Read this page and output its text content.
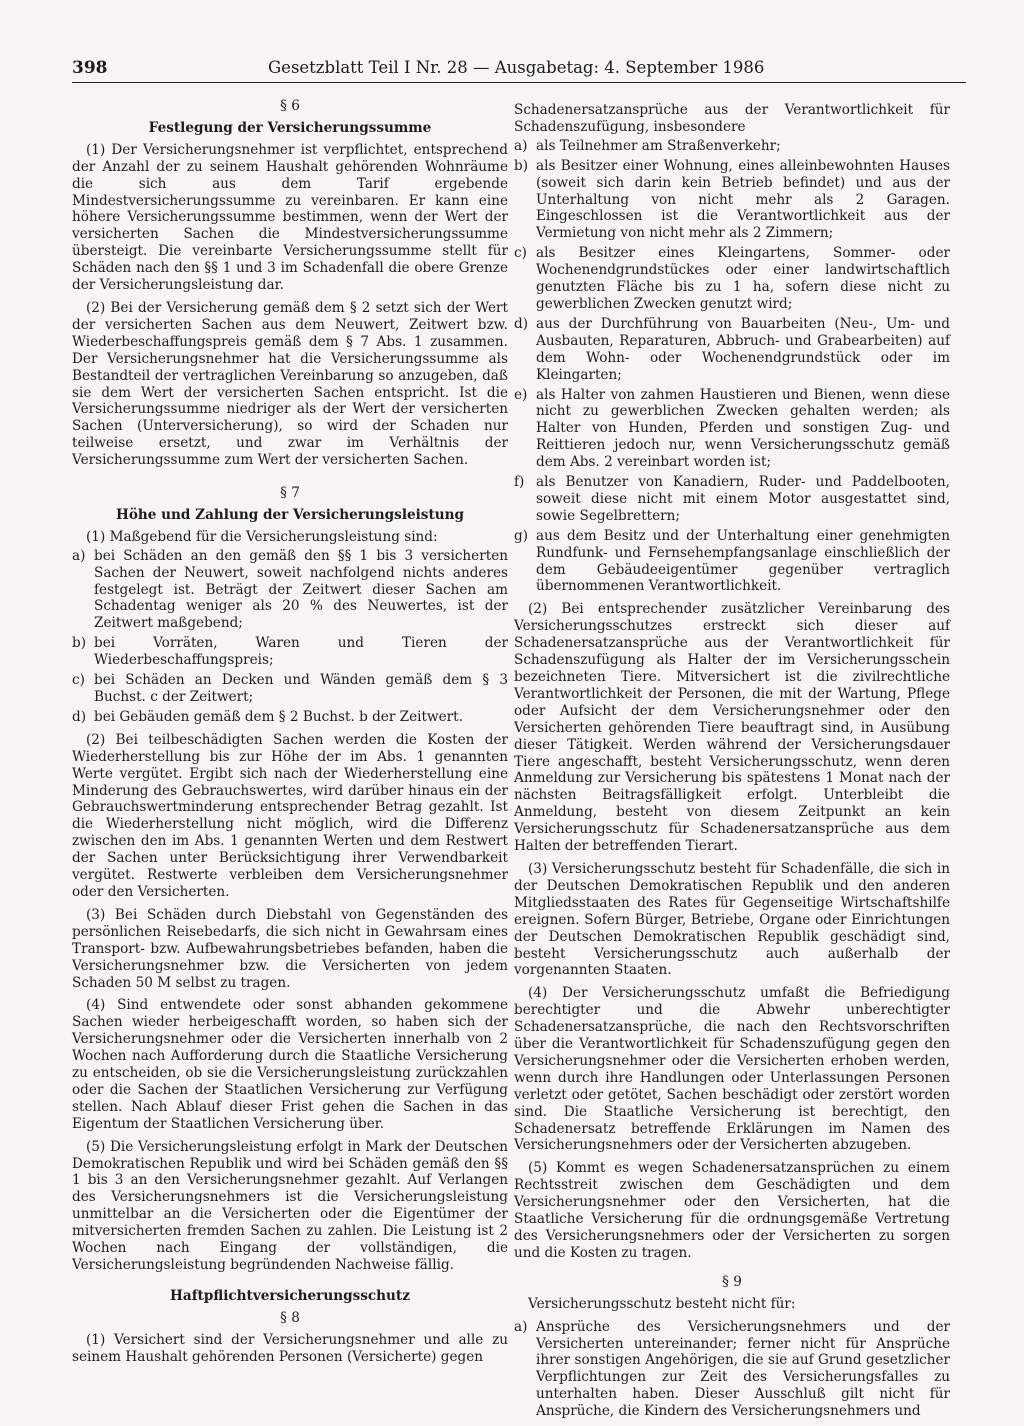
398	Gesetzblatt Teil I Nr. 28 — Ausgabetag: 4. September 1986
§ 6
Festlegung der Versicherungssumme

(1) Der Versicherungsnehmer ist verpflichtet, entsprechend der Anzahl der zu seinem Haushalt gehörenden Wohnräume die sich aus dem Tarif ergebende Mindestversicherungssumme zu vereinbaren. Er kann eine höhere Versicherungssumme bestimmen, wenn der Wert der versicherten Sachen die Mindestversicherungssumme übersteigt. Die vereinbarte Versicherungssumme stellt für Schäden nach den §§ 1 und 3 im Schadenfall die obere Grenze der Versicherungsleistung dar.

(2) Bei der Versicherung gemäß dem § 2 setzt sich der Wert der versicherten Sachen aus dem Neuwert, Zeitwert bzw. Wiederbeschaffungspreis gemäß dem § 7 Abs. 1 zusammen. Der Versicherungsnehmer hat die Versicherungssumme als Bestandteil der vertraglichen Vereinbarung so anzugeben, daß sie dem Wert der versicherten Sachen entspricht. Ist die Versicherungssumme niedriger als der Wert der versicherten Sachen (Unterversicherung), so wird der Schaden nur teilweise ersetzt, und zwar im Verhältnis der Versicherungssumme zum Wert der versicherten Sachen.

§ 7
Höhe und Zahlung der Versicherungsleistung

(1) Maßgebend für die Versicherungsleistung sind:

a) bei Schäden an den gemäß den §§ 1 bis 3 versicherten Sachen der Neuwert, soweit nachfolgend nichts anderes festgelegt ist. Beträgt der Zeitwert dieser Sachen am Schadentag weniger als 20 % des Neuwertes, ist der Zeitwert maßgebend;
b) bei Vorräten, Waren und Tieren der Wiederbeschaffungspreis;
c) bei Schäden an Decken und Wänden gemäß dem § 3 Buchst. c der Zeitwert;
d) bei Gebäuden gemäß dem § 2 Buchst. b der Zeitwert.

(2) Bei teilbeschädigten Sachen werden die Kosten der Wiederherstellung bis zur Höhe der im Abs. 1 genannten Werte vergütet. Ergibt sich nach der Wiederherstellung eine Minderung des Gebrauchswertes, wird darüber hinaus ein der Gebrauchswertminderung entsprechender Betrag gezahlt. Ist die Wiederherstellung nicht möglich, wird die Differenz zwischen den im Abs. 1 genannten Werten und dem Restwert der Sachen unter Berücksichtigung ihrer Verwendbarkeit vergütet. Restwerte verbleiben dem Versicherungsnehmer oder den Versicherten.

(3) Bei Schäden durch Diebstahl von Gegenständen des persönlichen Reisebedarfs, die sich nicht in Gewahrsam eines Transport- bzw. Aufbewahrungsbetriebes befanden, haben die Versicherungsnehmer bzw. die Versicherten von jedem Schaden 50 M selbst zu tragen.

(4) Sind entwendete oder sonst abhanden gekommene Sachen wieder herbeigeschafft worden, so haben sich der Versicherungsnehmer oder die Versicherten innerhalb von 2 Wochen nach Aufforderung durch die Staatliche Versicherung zu entscheiden, ob sie die Versicherungsleistung zurückzahlen oder die Sachen der Staatlichen Versicherung zur Verfügung stellen. Nach Ablauf dieser Frist gehen die Sachen in das Eigentum der Staatlichen Versicherung über.

(5) Die Versicherungsleistung erfolgt in Mark der Deutschen Demokratischen Republik und wird bei Schäden gemäß den §§ 1 bis 3 an den Versicherungsnehmer gezahlt. Auf Verlangen des Versicherungsnehmers ist die Versicherungsleistung unmittelbar an die Versicherten oder die Eigentümer der mitversicherten fremden Sachen zu zahlen. Die Leistung ist 2 Wochen nach Eingang der vollständigen, die Versicherungsleistung begründenden Nachweise fällig.

Haftpflichtversicherungsschutz
§ 8

(1) Versichert sind der Versicherungsnehmer und alle zu seinem Haushalt gehörenden Personen (Versicherte) gegen

Schadenersatzansprüche aus der Verantwortlichkeit für Schadenszufügung, insbesondere

a) als Teilnehmer am Straßenverkehr;
b) als Besitzer einer Wohnung, eines alleinbewohnten Hauses (soweit sich darin kein Betrieb befindet) und aus der Unterhaltung von nicht mehr als 2 Garagen. Eingeschlossen ist die Verantwortlichkeit aus der Vermietung von nicht mehr als 2 Zimmern;
c) als Besitzer eines Kleingartens, Sommer- oder Wochenendgrundstückes oder einer landwirtschaftlich genutzten Fläche bis zu 1 ha, sofern diese nicht zu gewerblichen Zwecken genutzt wird;
d) aus der Durchführung von Bauarbeiten (Neu-, Um- und Ausbauten, Reparaturen, Abbruch- und Grabearbeiten) auf dem Wohn- oder Wochenendgrundstück oder im Kleingarten;
e) als Halter von zahmen Haustieren und Bienen, wenn diese nicht zu gewerblichen Zwecken gehalten werden; als Halter von Hunden, Pferden und sonstigen Zug- und Reittieren jedoch nur, wenn Versicherungsschutz gemäß dem Abs. 2 vereinbart worden ist;
f) als Benutzer von Kanadiern, Ruder- und Paddelbooten, soweit diese nicht mit einem Motor ausgestattet sind, sowie Segelbrettern;
g) aus dem Besitz und der Unterhaltung einer genehmigten Rundfunk- und Fernsehempfangsanlage einschließlich der dem Gebäudeeigentümer gegenüber vertraglich übernommenen Verantwortlichkeit.

(2) Bei entsprechender zusätzlicher Vereinbarung des Versicherungsschutzes erstreckt sich dieser auf Schadenersatzansprüche aus der Verantwortlichkeit für Schadenszufügung als Halter der im Versicherungsschein bezeichneten Tiere. Mitversichert ist die zivilrechtliche Verantwortlichkeit der Personen, die mit der Wartung, Pflege oder Aufsicht der dem Versicherungsnehmer oder den Versicherten gehörenden Tiere beauftragt sind, in Ausübung dieser Tätigkeit. Werden während der Versicherungsdauer Tiere angeschafft, besteht Versicherungsschutz, wenn deren Anmeldung zur Versicherung bis spätestens 1 Monat nach der nächsten Beitragsfälligkeit erfolgt. Unterbleibt die Anmeldung, besteht von diesem Zeitpunkt an kein Versicherungsschutz für Schadenersatzansprüche aus dem Halten der betreffenden Tierart.

(3) Versicherungsschutz besteht für Schadenfälle, die sich in der Deutschen Demokratischen Republik und den anderen Mitgliedsstaaten des Rates für Gegenseitige Wirtschaftshilfe ereignen. Sofern Bürger, Betriebe, Organe oder Einrichtungen der Deutschen Demokratischen Republik geschädigt sind, besteht Versicherungsschutz auch außerhalb der vorgenannten Staaten.

(4) Der Versicherungsschutz umfaßt die Befriedigung berechtigter und die Abwehr unberechtigter Schadenersatzansprüche, die nach den Rechtsvorschriften über die Verantwortlichkeit für Schadenszufügung gegen den Versicherungsnehmer oder die Versicherten erhoben werden, wenn durch ihre Handlungen oder Unterlassungen Personen verletzt oder getötet, Sachen beschädigt oder zerstört worden sind. Die Staatliche Versicherung ist berechtigt, den Schadenersatz betreffende Erklärungen im Namen des Versicherungsnehmers oder der Versicherten abzugeben.

(5) Kommt es wegen Schadenersatzansprüchen zu einem Rechtsstreit zwischen dem Geschädigten und dem Versicherungsnehmer oder den Versicherten, hat die Staatliche Versicherung für die ordnungsgemäße Vertretung des Versicherungsnehmers oder der Versicherten zu sorgen und die Kosten zu tragen.

§ 9

Versicherungsschutz besteht nicht für:

a) Ansprüche des Versicherungsnehmers und der Versicherten untereinander; ferner nicht für Ansprüche ihrer sonstigen Angehörigen, die sie auf Grund gesetzlicher Verpflichtungen zur Zeit des Versicherungsfalles zu unterhalten haben. Dieser Ausschluß gilt nicht für Ansprüche, die Kindern des Versicherungsnehmers und
